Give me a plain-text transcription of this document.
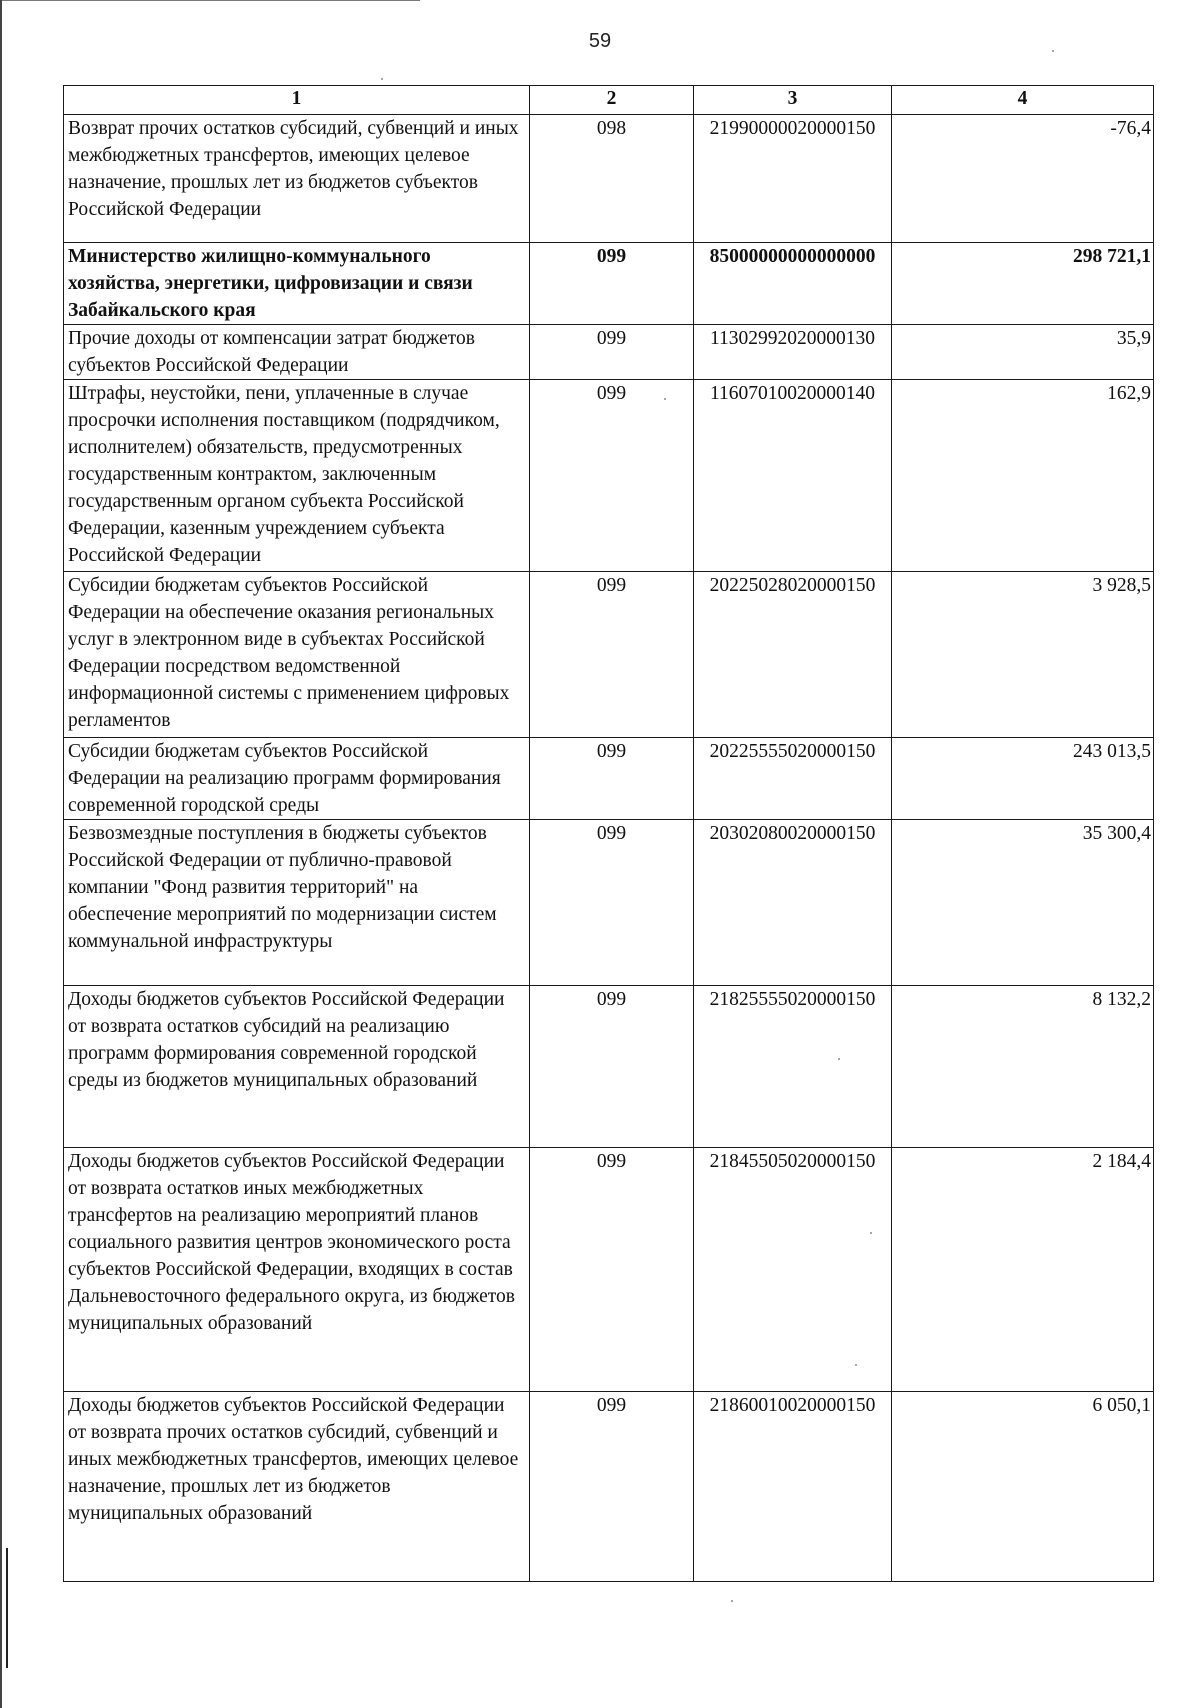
59
1	2	3	4
Возврат прочих остатков субсидий, субвенций и иных межбюджетных трансфертов, имеющих целевое назначение, прошлых лет из бюджетов субъектов Российской Федерации	098	21990000020000150	-76,4
Министерство жилищно-коммунального хозяйства, энергетики, цифровизации и связи Забайкальского края	099	85000000000000000	298 721,1
Прочие доходы от компенсации затрат бюджетов субъектов Российской Федерации	099	11302992020000130	35,9
Штрафы, неустойки, пени, уплаченные в случае просрочки исполнения поставщиком (подрядчиком, исполнителем) обязательств, предусмотренных государственным контрактом, заключенным государственным органом субъекта Российской Федерации, казенным учреждением субъекта Российской Федерации	099	11607010020000140	162,9
Субсидии бюджетам субъектов Российской Федерации на обеспечение оказания региональных услуг в электронном виде в субъектах Российской Федерации посредством ведомственной информационной системы с применением цифровых регламентов	099	20225028020000150	3 928,5
Субсидии бюджетам субъектов Российской Федерации на реализацию программ формирования современной городской среды	099	20225555020000150	243 013,5
Безвозмездные поступления в бюджеты субъектов Российской Федерации от публично-правовой компании "Фонд развития территорий" на обеспечение мероприятий по модернизации систем коммунальной инфраструктуры	099	20302080020000150	35 300,4
Доходы бюджетов субъектов Российской Федерации от возврата остатков субсидий на реализацию программ формирования современной городской среды из бюджетов муниципальных образований	099	21825555020000150	8 132,2
Доходы бюджетов субъектов Российской Федерации от возврата остатков иных межбюджетных трансфертов на реализацию мероприятий планов социального развития центров экономического роста субъектов Российской Федерации, входящих в состав Дальневосточного федерального округа, из бюджетов муниципальных образований	099	21845505020000150	2 184,4
Доходы бюджетов субъектов Российской Федерации от возврата прочих остатков субсидий, субвенций и иных межбюджетных трансфертов, имеющих целевое назначение, прошлых лет из бюджетов муниципальных образований	099	21860010020000150	6 050,1
